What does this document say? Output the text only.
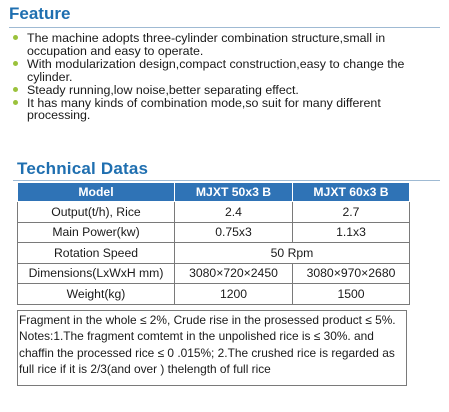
Feature
The machine adopts three-cylinder combination structure,small in occupation and easy to operate.
With modularization design,compact construction,easy to change the cylinder.
Steady running,low noise,better separating effect.
It has many kinds of combination mode,so suit for many different processing.
Technical Datas
Model	MJXT 50x3 B	MJXT 60x3 B
Output(t/h), Rice	2.4	2.7
Main Power(kw)	0.75x3	1.1x3
Rotation Speed	50 Rpm	
Dimensions(LxWxH mm)	3080×720×2450	3080×970×2680
Weight(kg)	1200	1500

Fragment in the whole ≤ 2%, Crude rise in the prosessed product ≤ 5%. Notes:1.The fragment comtemt in the unpolished rice is ≤ 30%. and chaffin the processed rice ≤ 0 .015%; 2.The crushed rice is regarded as full rice if it is 2/3(and over ) thelength of full rice
